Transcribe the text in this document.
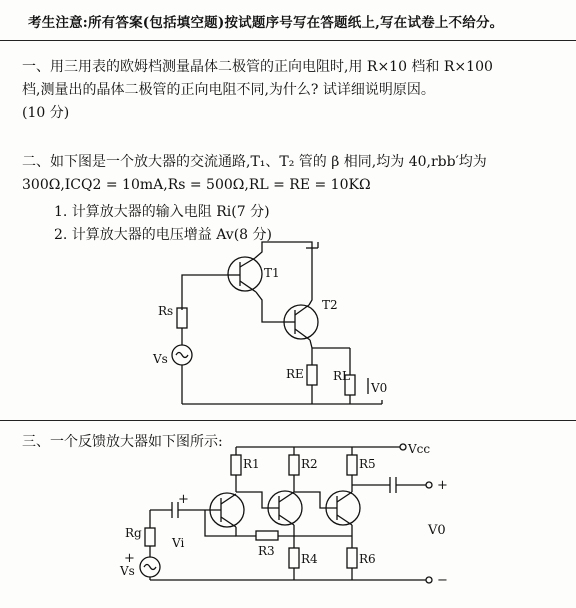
考生注意:所有答案(包括填空题)按试题序号写在答题纸上,写在试卷上不给分。
一、用三用表的欧姆档测量晶体二极管的正向电阻时,用 R×10 档和 R×100
档,测量出的晶体二极管的正向电阻不同,为什么? 试详细说明原因。
(10 分)
二、如下图是一个放大器的交流通路,T₁、T₂ 管的 β 相同,均为 40,rbb′均为
300Ω,ICQ2 = 10mA,Rs = 500Ω,RL = RE = 10KΩ
1. 计算放大器的输入电阻 Ri(7 分)
2. 计算放大器的电压增益 Av(8 分)
三、一个反馈放大器如下图所示:
T1
T2
Rs
Vs
RE RL
V0
Vcc
R1	R2	R5
Rg
Vi
Vs
R3
R4	R6
V0
+
+
−
+
